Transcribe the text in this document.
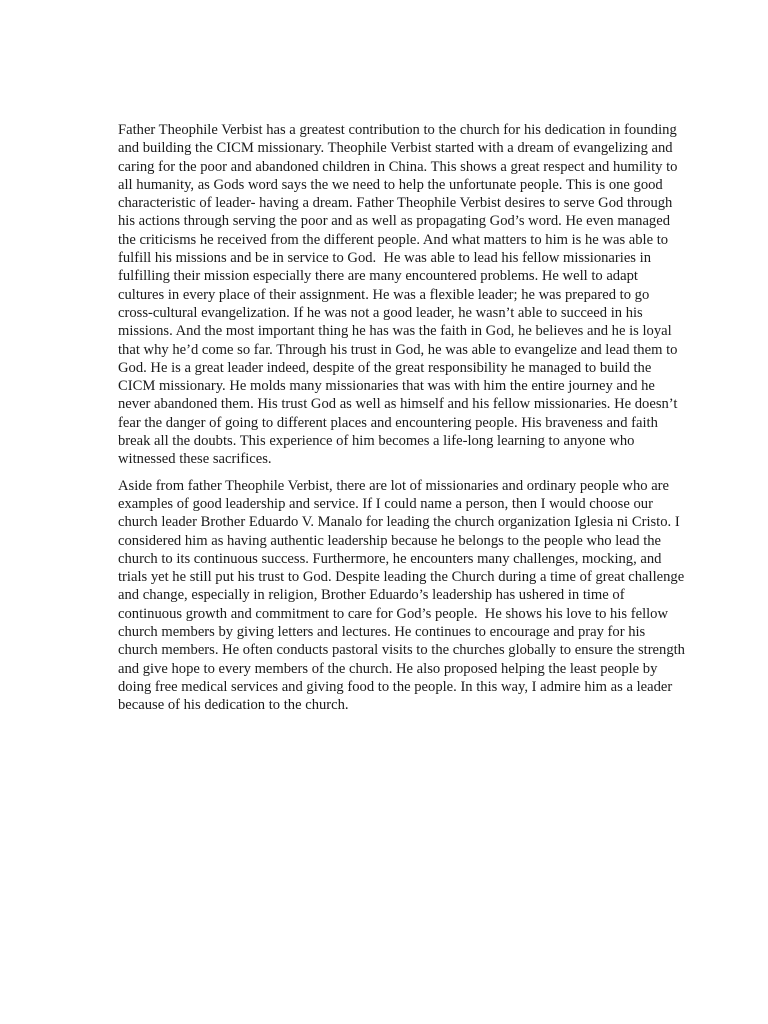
Father Theophile Verbist has a greatest contribution to the church for his dedication in founding
and building the CICM missionary. Theophile Verbist started with a dream of evangelizing and
caring for the poor and abandoned children in China. This shows a great respect and humility to
all humanity, as Gods word says the we need to help the unfortunate people. This is one good
characteristic of leader- having a dream. Father Theophile Verbist desires to serve God through
his actions through serving the poor and as well as propagating God’s word. He even managed
the criticisms he received from the different people. And what matters to him is he was able to
fulfill his missions and be in service to God.  He was able to lead his fellow missionaries in
fulfilling their mission especially there are many encountered problems. He well to adapt
cultures in every place of their assignment. He was a flexible leader; he was prepared to go
cross-cultural evangelization. If he was not a good leader, he wasn’t able to succeed in his
missions. And the most important thing he has was the faith in God, he believes and he is loyal
that why he’d come so far. Through his trust in God, he was able to evangelize and lead them to
God. He is a great leader indeed, despite of the great responsibility he managed to build the
CICM missionary. He molds many missionaries that was with him the entire journey and he
never abandoned them. His trust God as well as himself and his fellow missionaries. He doesn’t
fear the danger of going to different places and encountering people. His braveness and faith
break all the doubts. This experience of him becomes a life-long learning to anyone who
witnessed these sacrifices.

Aside from father Theophile Verbist, there are lot of missionaries and ordinary people who are
examples of good leadership and service. If I could name a person, then I would choose our
church leader Brother Eduardo V. Manalo for leading the church organization Iglesia ni Cristo. I
considered him as having authentic leadership because he belongs to the people who lead the
church to its continuous success. Furthermore, he encounters many challenges, mocking, and
trials yet he still put his trust to God. Despite leading the Church during a time of great challenge
and change, especially in religion, Brother Eduardo’s leadership has ushered in time of
continuous growth and commitment to care for God’s people.  He shows his love to his fellow
church members by giving letters and lectures. He continues to encourage and pray for his
church members. He often conducts pastoral visits to the churches globally to ensure the strength
and give hope to every members of the church. He also proposed helping the least people by
doing free medical services and giving food to the people. In this way, I admire him as a leader
because of his dedication to the church.
